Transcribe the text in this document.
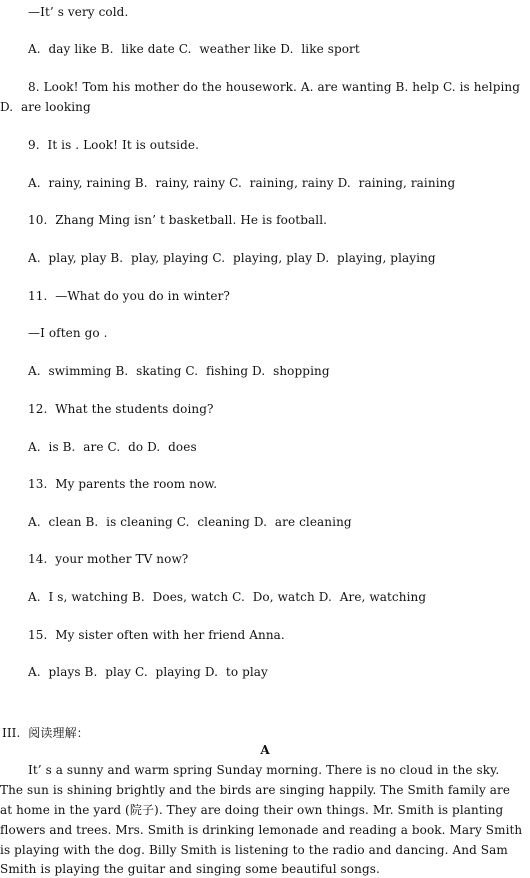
—It’ s very cold.
A.  day like B.  like date C.  weather like D.  like sport
8. Look! Tom his mother do the housework. A. are wanting B. help C. is helping
D.  are looking
9.  It is . Look! It is outside.
A.  rainy, raining B.  rainy, rainy C.  raining, rainy D.  raining, raining
10.  Zhang Ming isn’ t basketball. He is football.
A.  play, play B.  play, playing C.  playing, play D.  playing, playing
11.  —What do you do in winter?
—I often go .
A.  swimming B.  skating C.  fishing D.  shopping
12.  What the students doing?
A.  is B.  are C.  do D.  does
13.  My parents the room now.
A.  clean B.  is cleaning C.  cleaning D.  are cleaning
14.  your mother TV now?
A.  I s, watching B.  Does, watch C.  Do, watch D.  Are, watching
15.  My sister often with her friend Anna.
A.  plays B.  play C.  playing D.  to play
III.  阅读理解：
A
It’ s a sunny and warm spring Sunday morning. There is no cloud in the sky.
The sun is shining brightly and the birds are singing happily. The Smith family are
at home in the yard (院子). They are doing their own things. Mr. Smith is planting
flowers and trees. Mrs. Smith is drinking lemonade and reading a book. Mary Smith
is playing with the dog. Billy Smith is listening to the radio and dancing. And Sam
Smith is playing the guitar and singing some beautiful songs.
